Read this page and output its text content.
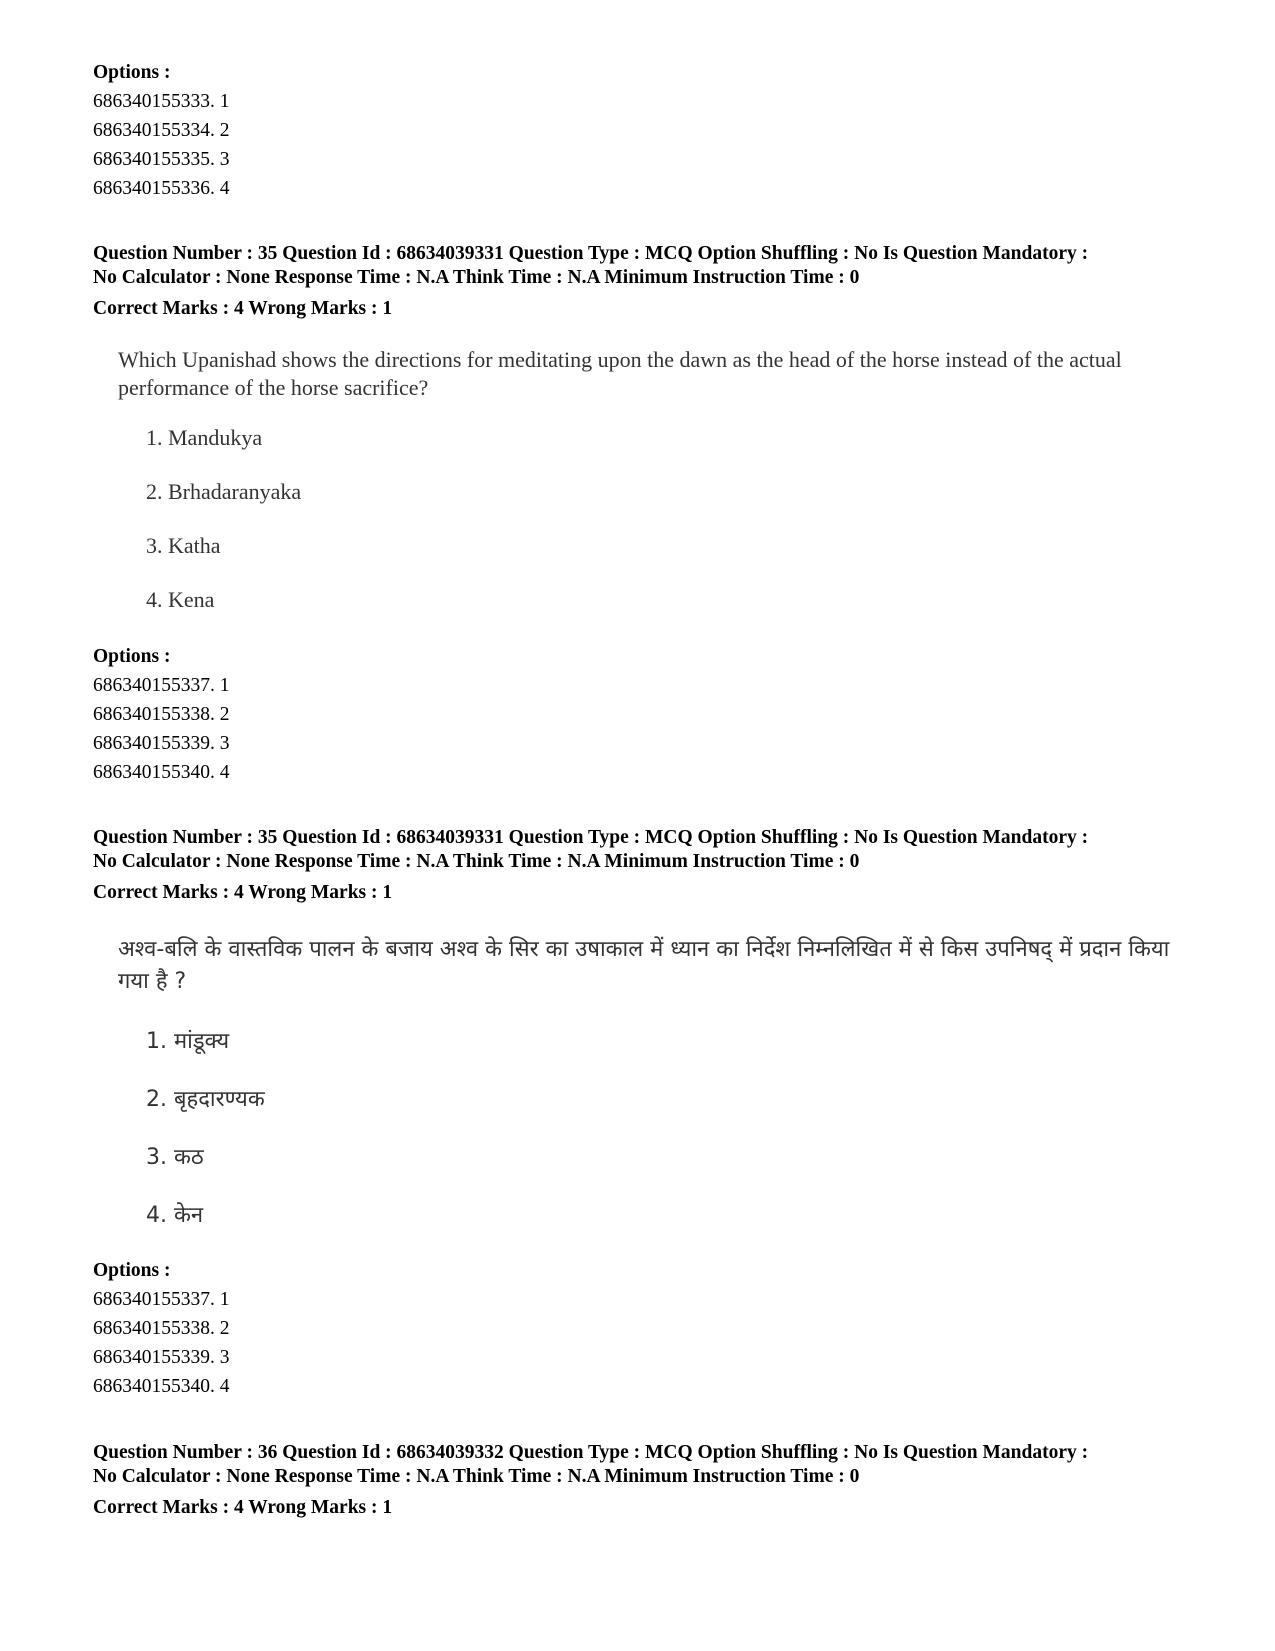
Options :
686340155333. 1
686340155334. 2
686340155335. 3
686340155336. 4
Question Number : 35 Question Id : 68634039331 Question Type : MCQ Option Shuffling : No Is Question Mandatory :
No Calculator : None Response Time : N.A Think Time : N.A Minimum Instruction Time : 0
Correct Marks : 4 Wrong Marks : 1
Which Upanishad shows the directions for meditating upon the dawn as the head of the horse instead of the actual performance of the horse sacrifice?
1. Mandukya
2. Brhadaranyaka
3. Katha
4. Kena
Options :
686340155337. 1
686340155338. 2
686340155339. 3
686340155340. 4
Question Number : 35 Question Id : 68634039331 Question Type : MCQ Option Shuffling : No Is Question Mandatory :
No Calculator : None Response Time : N.A Think Time : N.A Minimum Instruction Time : 0
Correct Marks : 4 Wrong Marks : 1
अश्व-बलि के वास्तविक पालन के बजाय अश्व के सिर का उषाकाल में ध्यान का निर्देश निम्नलिखित में से किस उपनिषद् में प्रदान किया गया है ?
1. मांडूक्य
2. बृहदारण्यक
3. कठ
4. केन
Options :
686340155337. 1
686340155338. 2
686340155339. 3
686340155340. 4
Question Number : 36 Question Id : 68634039332 Question Type : MCQ Option Shuffling : No Is Question Mandatory :
No Calculator : None Response Time : N.A Think Time : N.A Minimum Instruction Time : 0
Correct Marks : 4 Wrong Marks : 1
